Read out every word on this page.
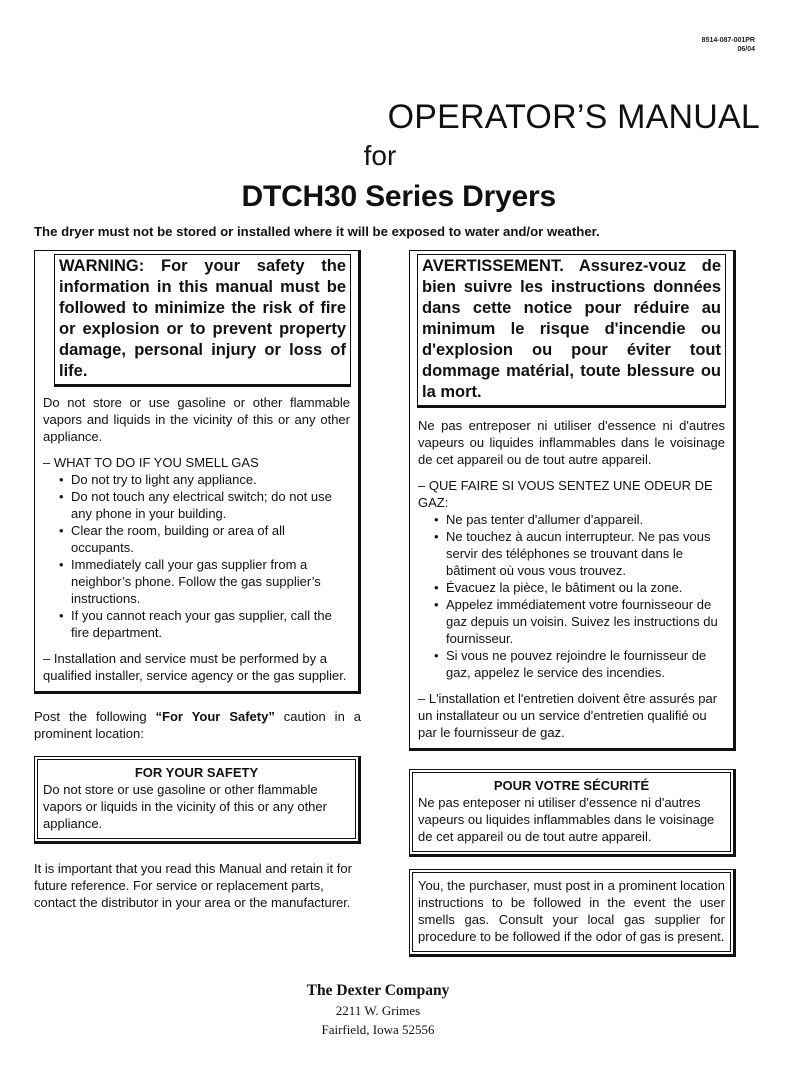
8514-087-001PR
06/04
OPERATOR’S MANUAL
for
DTCH30 Series Dryers
The dryer must not be stored or installed where it will be exposed to water and/or weather.
WARNING: For your safety the information in this manual must be followed to minimize the risk of fire or explosion or to prevent property damage, personal injury or loss of life.

Do not store or use gasoline or other flammable vapors and liquids in the vicinity of this or any other appliance.

– WHAT TO DO IF YOU SMELL GAS

• Do not try to light any appliance.
• Do not touch any electrical switch; do not use any phone in your building.
• Clear the room, building or area of all occupants.
• Immediately call your gas supplier from a neighbor’s phone. Follow the gas supplier’s instructions.
• If you cannot reach your gas supplier, call the fire department.

– Installation and service must be performed by a qualified installer, service agency or the gas supplier.

Post the following “For Your Safety” caution in a prominent location:

FOR YOUR SAFETY

Do not store or use gasoline or other flammable vapors or liquids in the vicinity of this or any other appliance.

It is important that you read this Manual and retain it for future reference. For service or replacement parts, contact the distributor in your area or the manufacturer.

AVERTISSEMENT. Assurez-vouz de bien suivre les instructions données dans cette notice pour réduire au minimum le risque d'incendie ou d'explosion ou pour éviter tout dommage matérial, toute blessure ou la mort.

Ne pas entreposer ni utiliser d'essence ni d'autres vapeurs ou liquides inflammables dans le voisinage de cet appareil ou de tout autre appareil.

– QUE FAIRE SI VOUS SENTEZ UNE ODEUR DE GAZ:

• Ne pas tenter d'allumer d'appareil.
• Ne touchez à aucun interrupteur. Ne pas vous servir des téléphones se trouvant dans le bâtiment où vous vous trouvez.
• Évacuez la pièce, le bâtiment ou la zone.
• Appelez immédiatement votre fournisseour de gaz depuis un voisin. Suivez les instructions du fournisseur.
• Si vous ne pouvez rejoindre le fournisseur de gaz, appelez le service des incendies.

– L'installation et l'entretien doivent être assurés par un installateur ou un service d'entretien qualifié ou par le fournisseur de gaz.

POUR VOTRE SÉCURITÉ

Ne pas enteposer ni utiliser d'essence ni d'autres vapeurs ou liquides inflammables dans le voisinage de cet appareil ou de tout autre appareil.

You, the purchaser, must post in a prominent location instructions to be followed in the event the user smells gas. Consult your local gas supplier for procedure to be followed if the odor of gas is present.
The Dexter Company
2211 W. Grimes
Fairfield, Iowa 52556
